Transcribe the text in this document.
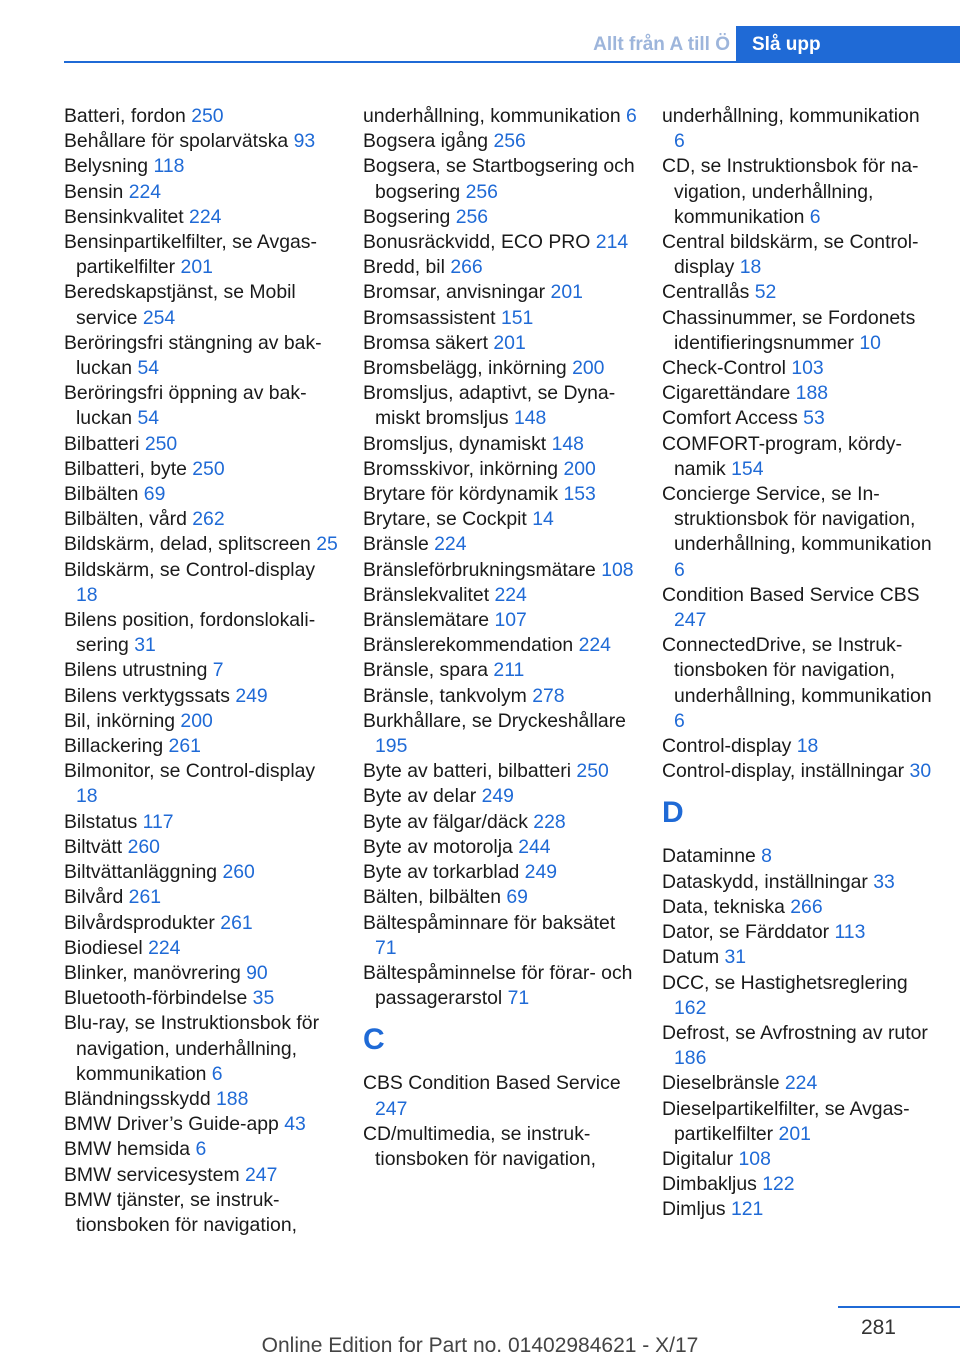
Allt från A till Ö Slå upp
Batteri, fordon 250
Behållare för spolarvätska 93
Belysning 118
Bensin 224
Bensinkvalitet 224
Bensinpartikelfilter, se Avgaspartikelfilter 201
Beredskapstjänst, se Mobil service 254
Beröringsfri stängning av bakluckan 54
Beröringsfri öppning av bakluckan 54
Bilbatteri 250
Bilbatteri, byte 250
Bilbälten 69
Bilbälten, vård 262
Bildskärm, delad, splitscreen 25
Bildskärm, se Control-display 18
Bilens position, fordonslokalisering 31
Bilens utrustning 7
Bilens verktygssats 249
Bil, inkörning 200
Billackering 261
Bilmonitor, se Control-display 18
Bilstatus 117
Biltvätt 260
Biltvättanläggning 260
Bilvård 261
Bilvårdsprodukter 261
Biodiesel 224
Blinker, manövrering 90
Bluetooth-förbindelse 35
Blu-ray, se Instruktionsbok för navigation, underhållning, kommunikation 6
Bländningsskydd 188
BMW Driver’s Guide-app 43
BMW hemsida 6
BMW servicesystem 247
BMW tjänster, se instruktionsboken för navigation,
underhållning, kommunikation 6
Bogsera igång 256
Bogsera, se Startbogsering och bogsering 256
Bogsering 256
Bonusräckvidd, ECO PRO 214
Bredd, bil 266
Bromsar, anvisningar 201
Bromsassistent 151
Bromsa säkert 201
Bromsbelägg, inkörning 200
Bromsljus, adaptivt, se Dynamiskt bromsljus 148
Bromsljus, dynamiskt 148
Bromsskivor, inkörning 200
Brytare för kördynamik 153
Brytare, se Cockpit 14
Bränsle 224
Bränsleförbrukningsmätare 108
Bränslekvalitet 224
Bränslemätare 107
Bränslerekommendation 224
Bränsle, spara 211
Bränsle, tankvolym 278
Burkhållare, se Dryckeshållare 195
Byte av batteri, bilbatteri 250
Byte av delar 249
Byte av fälgar/däck 228
Byte av motorolja 244
Byte av torkarblad 249
Bälten, bilbälten 69
Bältespåminnare för baksätet 71
Bältespåminnelse för förar- och passagerarstol 71
C
CBS Condition Based Service 247
CD/multimedia, se instruktionsboken för navigation,
underhållning, kommunikation 6
CD, se Instruktionsbok för navigation, underhållning, kommunikation 6
Central bildskärm, se Control-display 18
Centrallås 52
Chassinummer, se Fordonets identifieringsnummer 10
Check-Control 103
Cigarettändare 188
Comfort Access 53
COMFORT-program, kördynamik 154
Concierge Service, se Instruktionsbok för navigation, underhållning, kommunikation 6
Condition Based Service CBS 247
ConnectedDrive, se Instruktionsboken för navigation, underhållning, kommunikation 6
Control-display 18
Control-display, inställningar 30
D
Dataminne 8
Dataskydd, inställningar 33
Data, tekniska 266
Dator, se Färddator 113
Datum 31
DCC, se Hastighetsreglering 162
Defrost, se Avfrostning av rutor 186
Dieselbränsle 224
Dieselpartikelfilter, se Avgaspartikelfilter 201
Digitalur 108
Dimbakljus 122
Dimljus 121
281
Online Edition for Part no. 01402984621 - X/17
